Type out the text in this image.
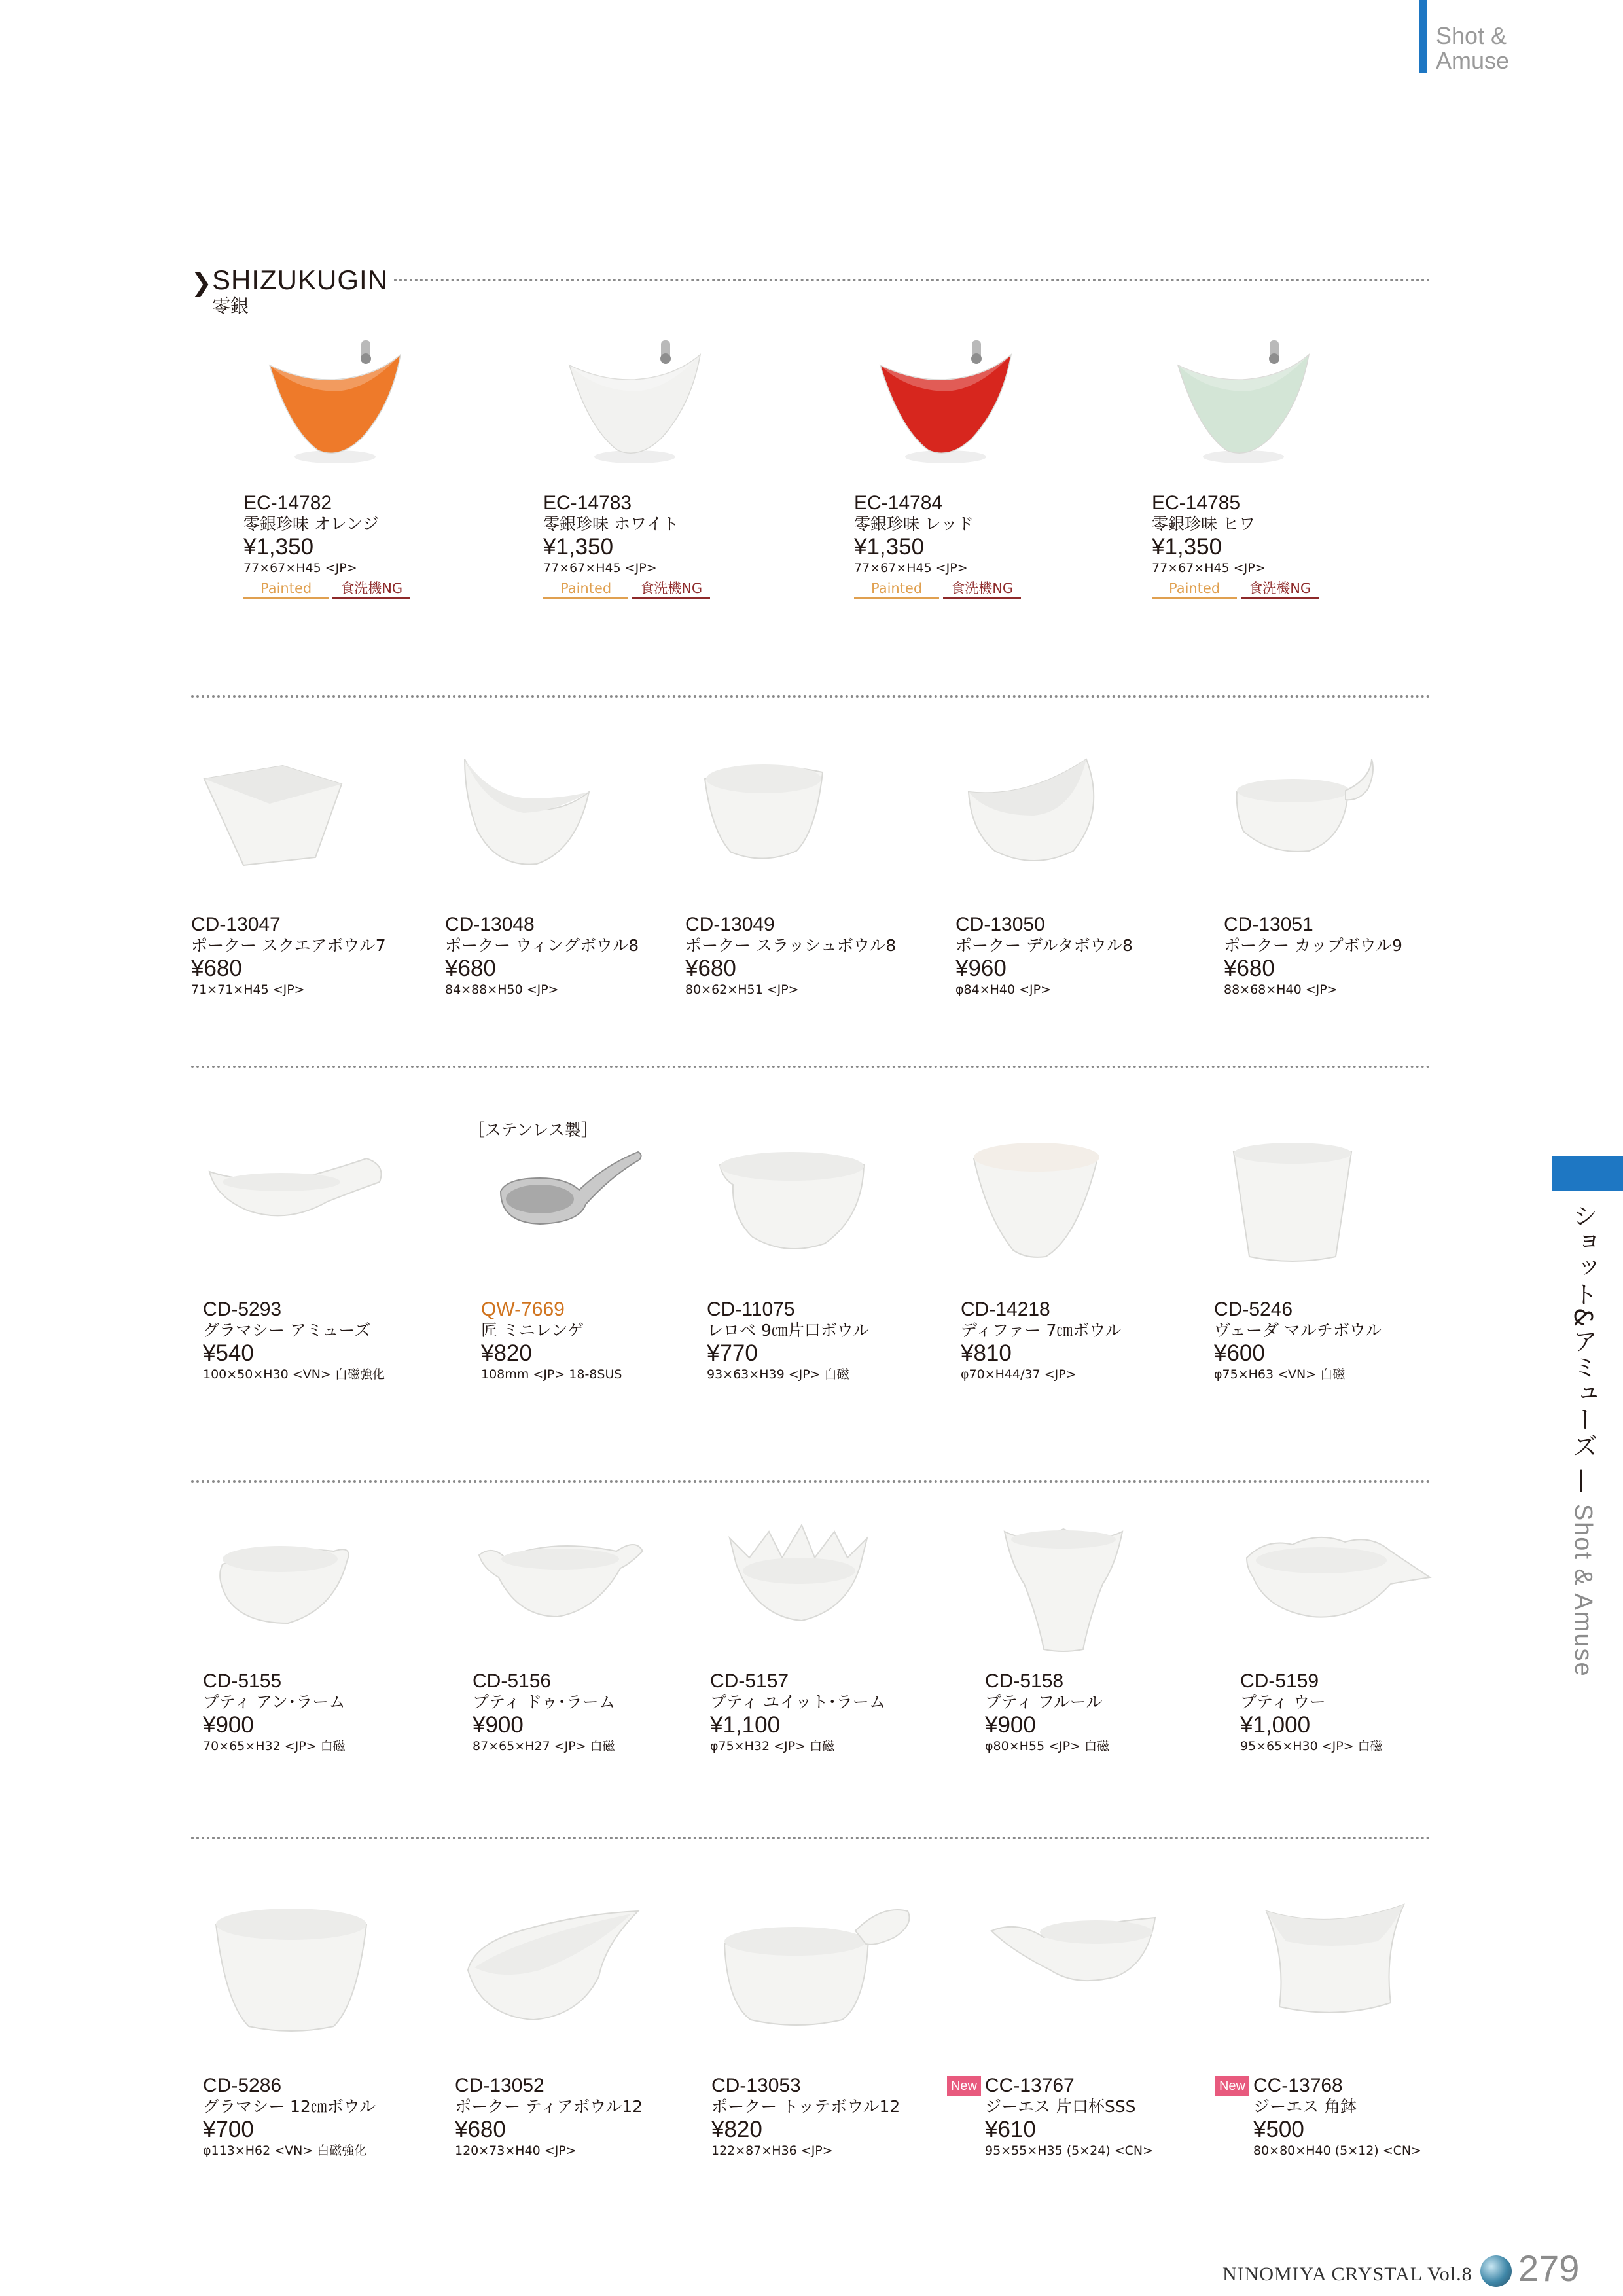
Shot &
Amuse
ショット&アミューズ — Shot & Amuse
❯ SHIZUKUGIN
零銀
［ステンレス製］
EC-14782
零銀珍味 オレンジ
¥1,350
77×67×H45 <JP>
Painted	食洗機NG
EC-14783
零銀珍味 ホワイト
¥1,350
77×67×H45 <JP>
Painted	食洗機NG
EC-14784
零銀珍味 レッド
¥1,350
77×67×H45 <JP>
Painted	食洗機NG
EC-14785
零銀珍味 ヒワ
¥1,350
77×67×H45 <JP>
Painted	食洗機NG
CD-13047
ポークー スクエアボウル7
¥680
71×71×H45 <JP>
CD-13048
ポークー ウィングボウル8
¥680
84×88×H50 <JP>
CD-13049
ポークー スラッシュボウル8
¥680
80×62×H51 <JP>
CD-13050
ポークー デルタボウル8
¥960
φ84×H40 <JP>
CD-13051
ポークー カップボウル9
¥680
88×68×H40 <JP>
CD-5293
グラマシー アミューズ
¥540
100×50×H30 <VN> 白磁強化
QW-7669
匠 ミニレンゲ
¥820
108mm <JP> 18-8SUS
CD-11075
レロベ 9㎝片口ボウル
¥770
93×63×H39 <JP> 白磁
CD-14218
ディファー 7㎝ボウル
¥810
φ70×H44/37 <JP>
CD-5246
ヴェーダ マルチボウル
¥600
φ75×H63 <VN> 白磁
CD-5155
プティ アン･ラーム
¥900
70×65×H32 <JP> 白磁
CD-5156
プティ ドゥ･ラーム
¥900
87×65×H27 <JP> 白磁
CD-5157
プティ ユイット･ラーム
¥1,100
φ75×H32 <JP> 白磁
CD-5158
プティ フルール
¥900
φ80×H55 <JP> 白磁
CD-5159
プティ ウー
¥1,000
95×65×H30 <JP> 白磁
CD-5286
グラマシー 12㎝ボウル
¥700
φ113×H62 <VN> 白磁強化
CD-13052
ポークー ティアボウル12
¥680
120×73×H40 <JP>
CD-13053
ポークー トッテボウル12
¥820
122×87×H36 <JP>
New CC-13767
ジーエス 片口杯SSS
¥610
95×55×H35 (5×24) <CN>
New CC-13768
ジーエス 角鉢
¥500
80×80×H40 (5×12) <CN>
NINOMIYA CRYSTAL Vol.8 279
